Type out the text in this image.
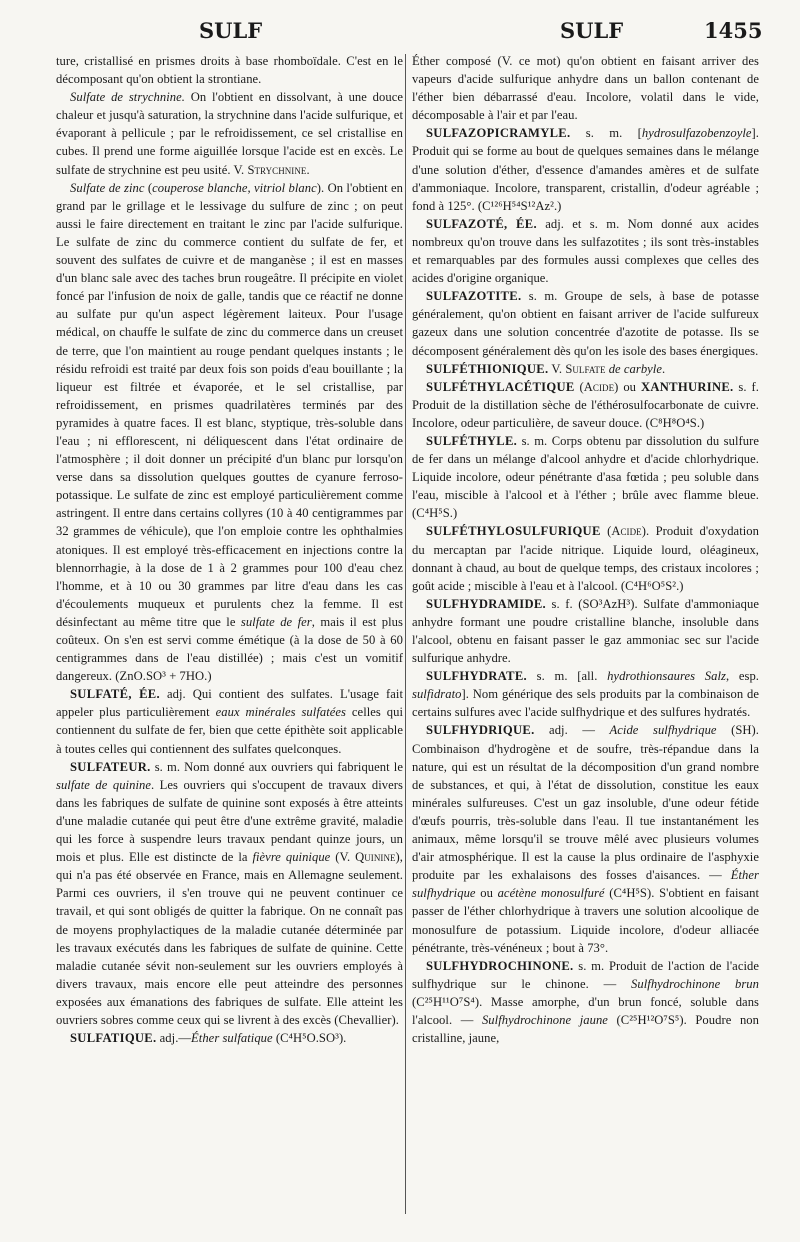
SULF	SULF	1455

ture, cristallisé en prismes droits à base rhomboïdale. C'est en le décomposant qu'on obtient la strontiane.

Sulfate de strychnine. On l'obtient en dissolvant, à une douce chaleur et jusqu'à saturation, la strychnine dans l'acide sulfurique, et évaporant à pellicule ; par le refroidissement, ce sel cristallise en cubes. Il prend une forme aiguillée lorsque l'acide est en excès. Le sulfate de strychnine est peu usité. V. Strychnine.

Sulfate de zinc (couperose blanche, vitriol blanc). On l'obtient en grand par le grillage et le lessivage du sulfure de zinc ; on peut aussi le faire directement en traitant le zinc par l'acide sulfurique. Le sulfate de zinc du commerce contient du sulfate de fer, et souvent des sulfates de cuivre et de manganèse ; il est en masses d'un blanc sale avec des taches brun rougeâtre. Il précipite en violet foncé par l'infusion de noix de galle, tandis que ce réactif ne donne au sulfate pur qu'un aspect légèrement laiteux. Pour l'usage médical, on chauffe le sulfate de zinc du commerce dans un creuset de terre, que l'on maintient au rouge pendant quelques instants ; le résidu refroidi est traité par deux fois son poids d'eau bouillante ; la liqueur est filtrée et évaporée, et le sel cristallise, par refroidissement, en prismes quadrilatères terminés par des pyramides à quatre faces. Il est blanc, styptique, très-soluble dans l'eau ; ni efflorescent, ni déliquescent dans l'état ordinaire de l'atmosphère ; il doit donner un précipité d'un blanc pur lorsqu'on verse dans sa dissolution quelques gouttes de cyanure ferroso-potassique. Le sulfate de zinc est employé particulièrement comme astringent. Il entre dans certains collyres (10 à 40 centigrammes par 32 grammes de véhicule), que l'on emploie contre les ophthalmies atoniques. Il est employé très-efficacement en injections contre la blennorrhagie, à la dose de 1 à 2 grammes pour 100 d'eau chez l'homme, et à 10 ou 30 grammes par litre d'eau dans les cas d'écoulements muqueux et purulents chez la femme. Il est désinfectant au même titre que le sulfate de fer, mais il est plus coûteux. On s'en est servi comme émétique (à la dose de 50 à 60 centigrammes dans de l'eau distillée) ; mais c'est un vomitif dangereux. (ZnO.SO³ + 7HO.)

SULFATÉ, ÉE. adj. Qui contient des sulfates. L'usage fait appeler plus particulièrement eaux minérales sulfatées celles qui contiennent du sulfate de fer, bien que cette épithète soit applicable à toutes celles qui contiennent des sulfates quelconques.

SULFATEUR. s. m. Nom donné aux ouvriers qui fabriquent le sulfate de quinine. Les ouvriers qui s'occupent de travaux divers dans les fabriques de sulfate de quinine sont exposés à être atteints d'une maladie cutanée qui peut être d'une extrême gravité, maladie qui les force à suspendre leurs travaux pendant quinze jours, un mois et plus. Elle est distincte de la fièvre quinique (V. Quinine), qui n'a pas été observée en France, mais en Allemagne seulement. Parmi ces ouvriers, il s'en trouve qui ne peuvent continuer ce travail, et qui sont obligés de quitter la fabrique. On ne connaît pas de moyens prophylactiques de la maladie cutanée déterminée par les travaux exécutés dans les fabriques de sulfate de quinine. Cette maladie cutanée sévit non-seulement sur les ouvriers employés à divers travaux, mais encore elle peut atteindre des personnes exposées aux émanations des fabriques de sulfate. Elle atteint les ouvriers sobres comme ceux qui se livrent à des excès (Chevallier).

SULFATIQUE. adj.—Éther sulfatique (C⁴H⁵O.SO³).

Éther composé (V. ce mot) qu'on obtient en faisant arriver des vapeurs d'acide sulfurique anhydre dans un ballon contenant de l'éther bien débarrassé d'eau. Incolore, volatil dans le vide, décomposable à l'air et par l'eau.

SULFAZOPICRAMYLE. s. m. [hydrosulfazobenzoyle]. Produit qui se forme au bout de quelques semaines dans le mélange d'une solution d'éther, d'essence d'amandes amères et de sulfate d'ammoniaque. Incolore, transparent, cristallin, d'odeur agréable ; fond à 125°. (C¹²⁶H⁵⁴S¹²Az².)

SULFAZOTÉ, ÉE. adj. et s. m. Nom donné aux acides nombreux qu'on trouve dans les sulfazotites ; ils sont très-instables et remarquables par des formules aussi complexes que celles des acides d'origine organique.

SULFAZOTITE. s. m. Groupe de sels, à base de potasse généralement, qu'on obtient en faisant arriver de l'acide sulfureux gazeux dans une solution concentrée d'azotite de potasse. Ils se décomposent généralement dès qu'on les isole des bases énergiques.

SULFÉTHIONIQUE. V. Sulfate de carbyle.

SULFÉTHYLACÉTIQUE (Acide) ou XANTHURINE. s. f. Produit de la distillation sèche de l'éthérosulfocarbonate de cuivre. Incolore, odeur particulière, de saveur douce. (C⁸H⁸O⁴S.)

SULFÉTHYLE. s. m. Corps obtenu par dissolution du sulfure de fer dans un mélange d'alcool anhydre et d'acide chlorhydrique. Liquide incolore, odeur pénétrante d'asa fœtida ; peu soluble dans l'eau, miscible à l'alcool et à l'éther ; brûle avec flamme bleue. (C⁴H⁵S.)

SULFÉTHYLOSULFURIQUE (Acide). Produit d'oxydation du mercaptan par l'acide nitrique. Liquide lourd, oléagineux, donnant à chaud, au bout de quelque temps, des cristaux incolores ; goût acide ; miscible à l'eau et à l'alcool. (C⁴H⁶O⁵S².)

SULFHYDRAMIDE. s. f. (SO³AzH³). Sulfate d'ammoniaque anhydre formant une poudre cristalline blanche, insoluble dans l'alcool, obtenu en faisant passer le gaz ammoniac sec sur l'acide sulfurique anhydre.

SULFHYDRATE. s. m. [all. hydrothionsaures Salz, esp. sulfidrato]. Nom générique des sels produits par la combinaison de certains sulfures avec l'acide sulfhydrique et des sulfures hydratés.

SULFHYDRIQUE. adj. — Acide sulfhydrique (SH). Combinaison d'hydrogène et de soufre, très-répandue dans la nature, qui est un résultat de la décomposition d'un grand nombre de substances, et qui, à l'état de dissolution, constitue les eaux minérales sulfureuses. C'est un gaz insoluble, d'une odeur fétide d'œufs pourris, très-soluble dans l'eau. Il tue instantanément les animaux, même lorsqu'il se trouve mêlé avec plusieurs volumes d'air atmosphérique. Il est la cause la plus ordinaire de l'asphyxie produite par les exhalaisons des fosses d'aisances. — Éther sulfhydrique ou acétène monosulfuré (C⁴H⁵S). S'obtient en faisant passer de l'éther chlorhydrique à travers une solution alcoolique de monosulfure de potassium. Liquide incolore, d'odeur alliacée pénétrante, très-vénéneux ; bout à 73°.

SULFHYDROCHINONE. s. m. Produit de l'action de l'acide sulfhydrique sur le chinone. — Sulfhydrochinone brun (C²⁵H¹¹O⁷S⁴). Masse amorphe, d'un brun foncé, soluble dans l'alcool. — Sulfhydrochinone jaune (C²⁵H¹²O⁷S⁵). Poudre non cristalline, jaune,
